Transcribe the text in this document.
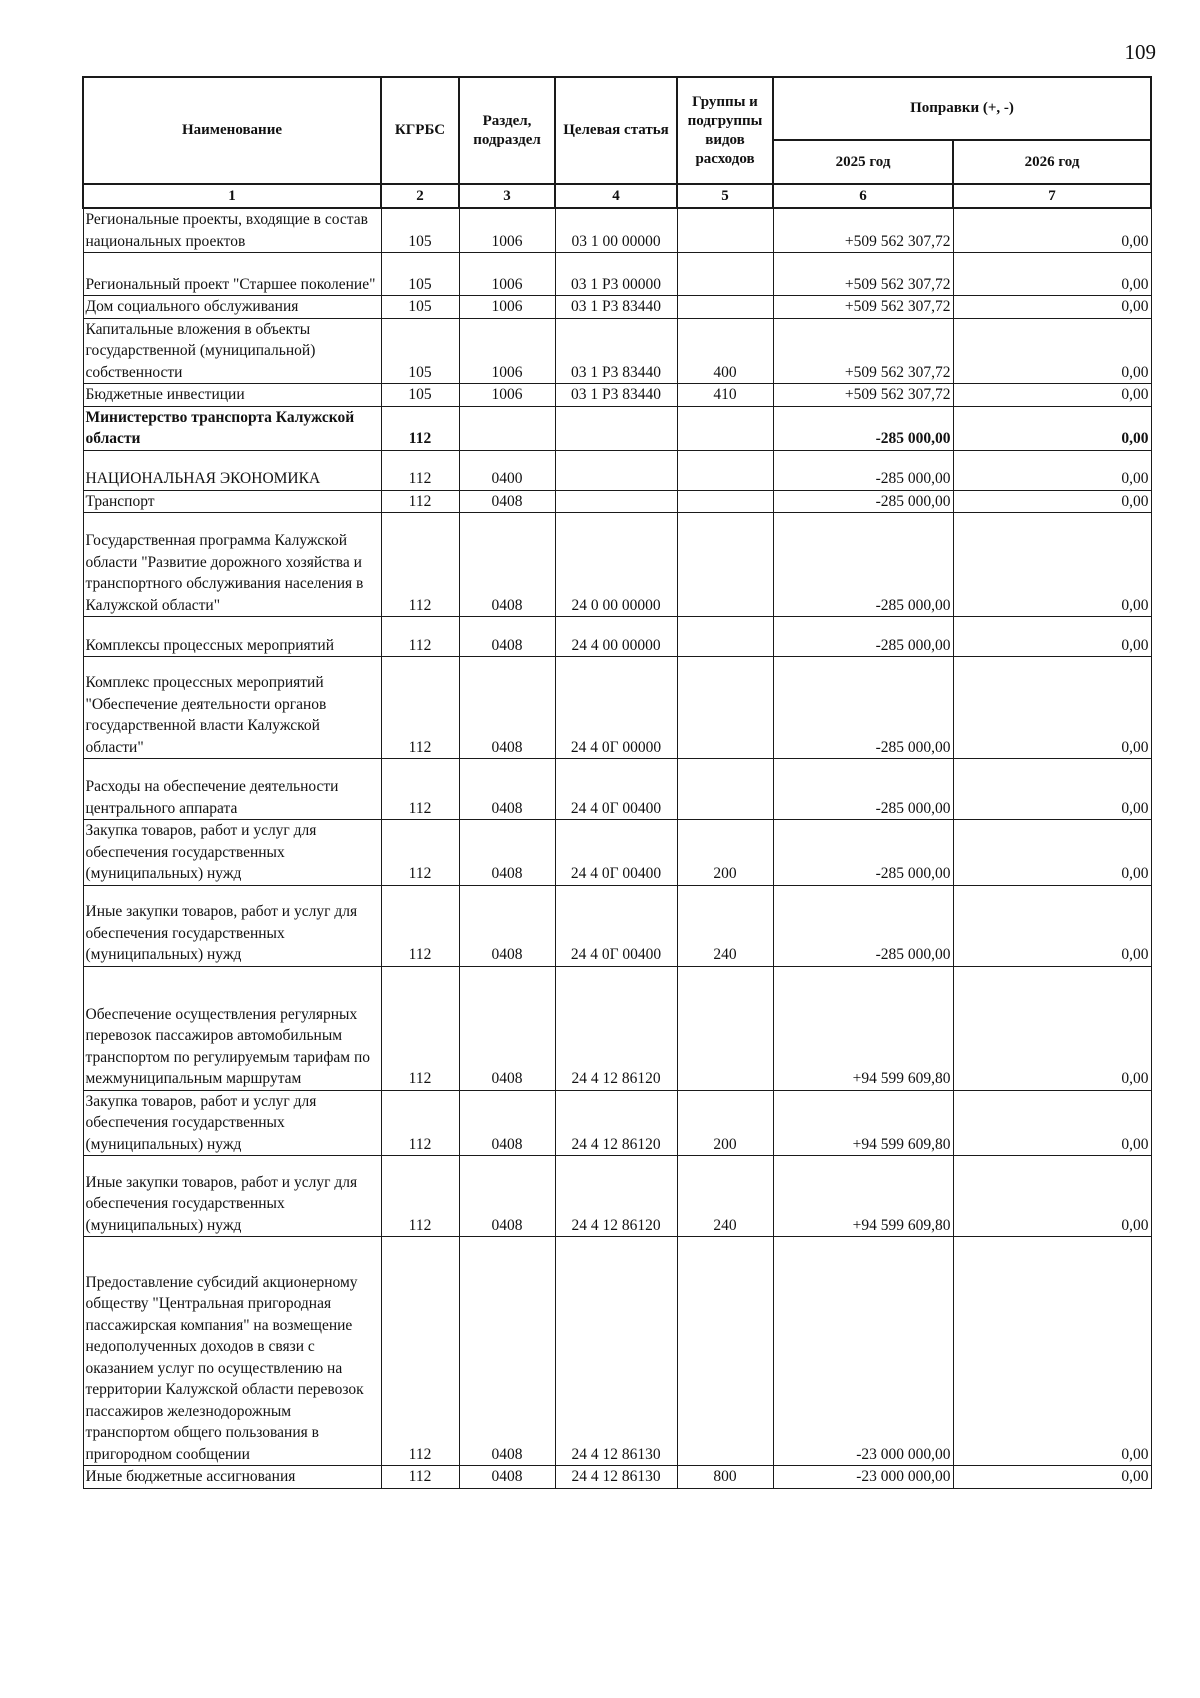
109
Наименование	КГРБС	Раздел, подраздел	Целевая статья	Группы и подгруппы видов расходов	Поправки (+, -)	
					2025 год	2026 год
1	2	3	4	5	6	7
Региональные проекты, входящие в состав национальных проектов	105	1006	03 1 00 00000		+509 562 307,72	0,00
Региональный проект "Старшее поколение"	105	1006	03 1 P3 00000		+509 562 307,72	0,00
Дом социального обслуживания	105	1006	03 1 P3 83440		+509 562 307,72	0,00
Капитальные вложения в объекты государственной (муниципальной) собственности	105	1006	03 1 P3 83440	400	+509 562 307,72	0,00
Бюджетные инвестиции	105	1006	03 1 P3 83440	410	+509 562 307,72	0,00
Министерство транспорта Калужской области	112				-285 000,00	0,00
НАЦИОНАЛЬНАЯ ЭКОНОМИКА	112	0400			-285 000,00	0,00
Транспорт	112	0408			-285 000,00	0,00
Государственная программа Калужской области "Развитие дорожного хозяйства и транспортного обслуживания населения в Калужской области"	112	0408	24 0 00 00000		-285 000,00	0,00
Комплексы процессных мероприятий	112	0408	24 4 00 00000		-285 000,00	0,00
Комплекс процессных мероприятий "Обеспечение деятельности органов государственной власти Калужской области"	112	0408	24 4 0Г 00000		-285 000,00	0,00
Расходы на обеспечение деятельности центрального аппарата	112	0408	24 4 0Г 00400		-285 000,00	0,00
Закупка товаров, работ и услуг для обеспечения государственных (муниципальных) нужд	112	0408	24 4 0Г 00400	200	-285 000,00	0,00
Иные закупки товаров, работ и услуг для обеспечения государственных (муниципальных) нужд	112	0408	24 4 0Г 00400	240	-285 000,00	0,00
Обеспечение осуществления регулярных перевозок пассажиров автомобильным транспортом по регулируемым тарифам по межмуниципальным маршрутам	112	0408	24 4 12 86120		+94 599 609,80	0,00
Закупка товаров, работ и услуг для обеспечения государственных (муниципальных) нужд	112	0408	24 4 12 86120	200	+94 599 609,80	0,00
Иные закупки товаров, работ и услуг для обеспечения государственных (муниципальных) нужд	112	0408	24 4 12 86120	240	+94 599 609,80	0,00
Предоставление субсидий акционерному обществу "Центральная пригородная пассажирская компания" на возмещение недополученных доходов в связи с оказанием услуг по осуществлению на территории Калужской области перевозок пассажиров железнодорожным транспортом общего пользования в пригородном сообщении	112	0408	24 4 12 86130		-23 000 000,00	0,00
Иные бюджетные ассигнования	112	0408	24 4 12 86130	800	-23 000 000,00	0,00
